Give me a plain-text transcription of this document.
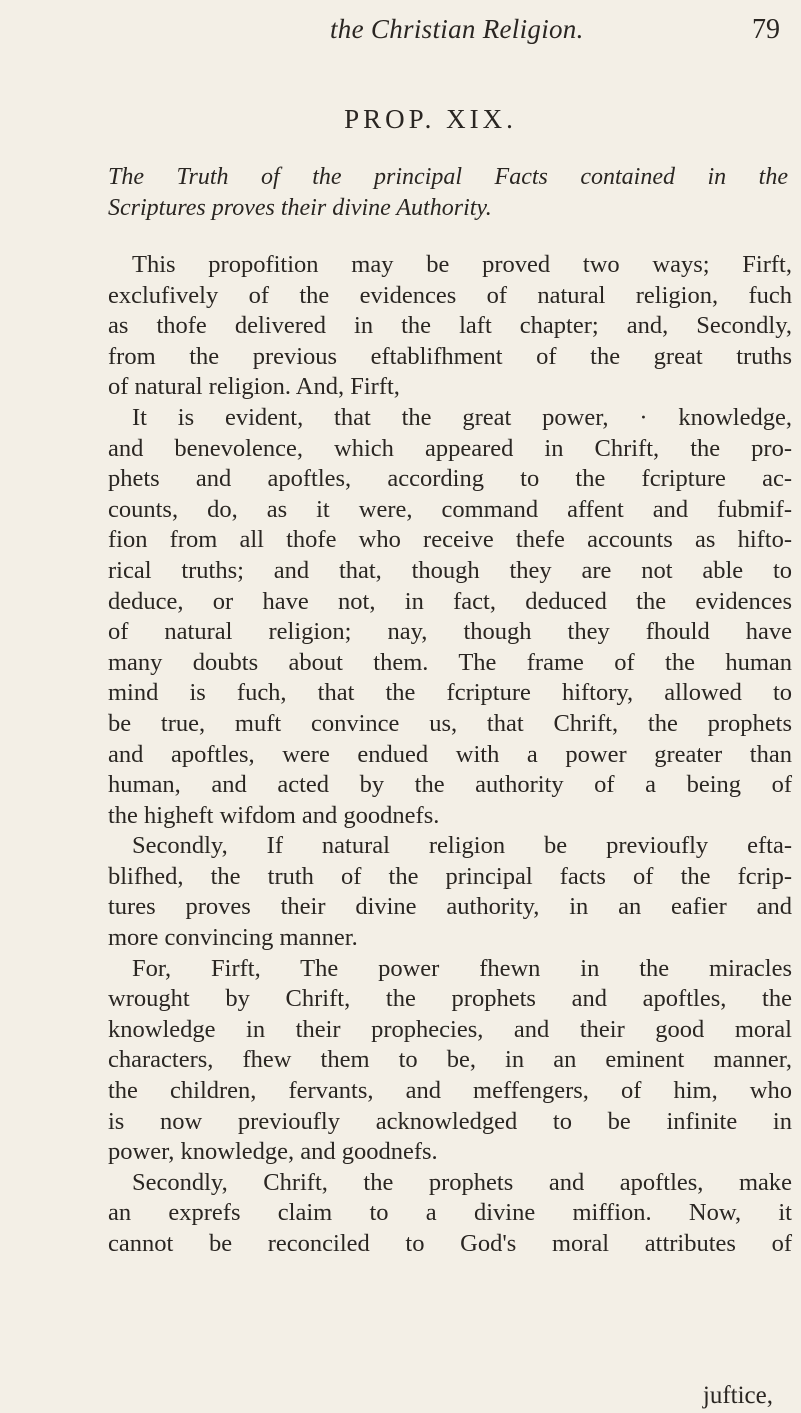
the Christian Religion.	79
PROP. XIX.
The Truth of the principal Facts contained in the
Scriptures proves their divine Authority.
This propofition may be proved two ways; Firft,
exclufively of the evidences of natural religion, fuch
as thofe delivered in the laft chapter; and, Secondly,
from the previous eftablifhment of the great truths
of natural religion. And, Firft,
It is evident, that the great power, · knowledge,
and benevolence, which appeared in Chrift, the pro-
phets and apoftles, according to the fcripture ac-
counts, do, as it were, command affent and fubmif-
fion from all thofe who receive thefe accounts as hifto-
rical truths; and that, though they are not able to
deduce, or have not, in fact, deduced the evidences
of natural religion; nay, though they fhould have
many doubts about them. The frame of the human
mind is fuch, that the fcripture hiftory, allowed to
be true, muft convince us, that Chrift, the prophets
and apoftles, were endued with a power greater than
human, and acted by the authority of a being of
the higheft wifdom and goodnefs.
Secondly, If natural religion be previoufly efta-
blifhed, the truth of the principal facts of the fcrip-
tures proves their divine authority, in an eafier and
more convincing manner.
For, Firft, The power fhewn in the miracles
wrought by Chrift, the prophets and apoftles, the
knowledge in their prophecies, and their good moral
characters, fhew them to be, in an eminent manner,
the children, fervants, and meffengers, of him, who
is now previoufly acknowledged to be infinite in
power, knowledge, and goodnefs.
Secondly, Chrift, the prophets and apoftles, make
an exprefs claim to a divine miffion. Now, it
cannot be reconciled to God's moral attributes of
juftice,
